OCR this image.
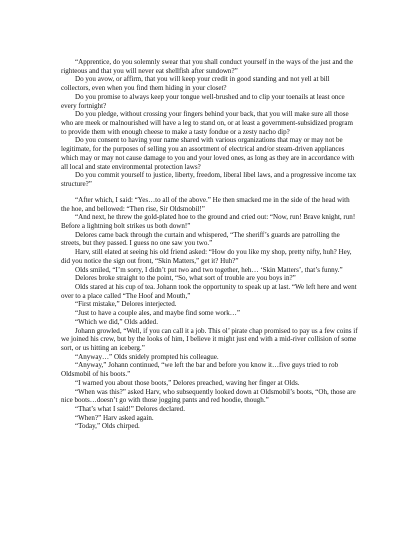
“Apprentice, do you solemnly swear that you shall conduct yourself in the ways of the just and the righteous and that you will never eat shellfish after sundown?”

Do you avow, or affirm, that you will keep your credit in good standing and not yell at bill collectors, even when you find them hiding in your closet?

Do you promise to always keep your tongue well-brushed and to clip your toenails at least once every fortnight?

Do you pledge, without crossing your fingers behind your back, that you will make sure all those who are meek or malnourished will have a leg to stand on, or at least a government-subsidized program to provide them with enough cheese to make a tasty fondue or a zesty nacho dip?

Do you consent to having your name shared with various organizations that may or may not be legitimate, for the purposes of selling you an assortment of electrical and/or steam-driven appliances which may or may not cause damage to you and your loved ones, as long as they are in accordance with all local and state environmental protection laws?

Do you commit yourself to justice, liberty, freedom, liberal libel laws, and a progressive income tax structure?”

“After which, I said: “Yes…to all of the above.” He then smacked me in the side of the head with the hoe, and bellowed: “Then rise, Sir Oldsmobil!”

“And next, he threw the gold-plated hoe to the ground and cried out: “Now, run! Brave knight, run! Before a lightning bolt strikes us both down!”

Delores came back through the curtain and whispered, “The sheriff’s guards are patrolling the streets, but they passed. I guess no one saw you two.”

Harv, still elated at seeing his old friend asked: “How do you like my shop, pretty nifty, huh? Hey, did you notice the sign out front, “Skin Matters,” get it? Huh?”

Olds smiled, “I’m sorry, I didn’t put two and two together, heh… ‘Skin Matters’, that’s funny.”

Delores broke straight to the point, “So, what sort of trouble are you boys in?”

Olds stared at his cup of tea. Johann took the opportunity to speak up at last. “We left here and went over to a place called “The Hoof and Mouth,”

“First mistake,” Delores interjected.

“Just to have a couple ales, and maybe find some work…”

“Which we did,” Olds added.

Johann growled, “Well, if you can call it a job. This ol’ pirate chap promised to pay us a few coins if we joined his crew, but by the looks of him, I believe it might just end with a mid-river collision of some sort, or us hitting an iceberg.”

“Anyway…” Olds snidely prompted his colleague.

“Anyway,” Johann continued, “we left the bar and before you know it…five guys tried to rob Oldsmobil of his boots.”

“I warned you about those boots,” Delores preached, waving her finger at Olds.

“When was this?” asked Harv, who subsequently looked down at Oldsmobil’s boots, “Oh, those are nice boots…doesn’t go with those jogging pants and red hoodie, though.”

“That’s what I said!” Delores declared.

“When?” Harv asked again.

“Today,” Olds chirped.
